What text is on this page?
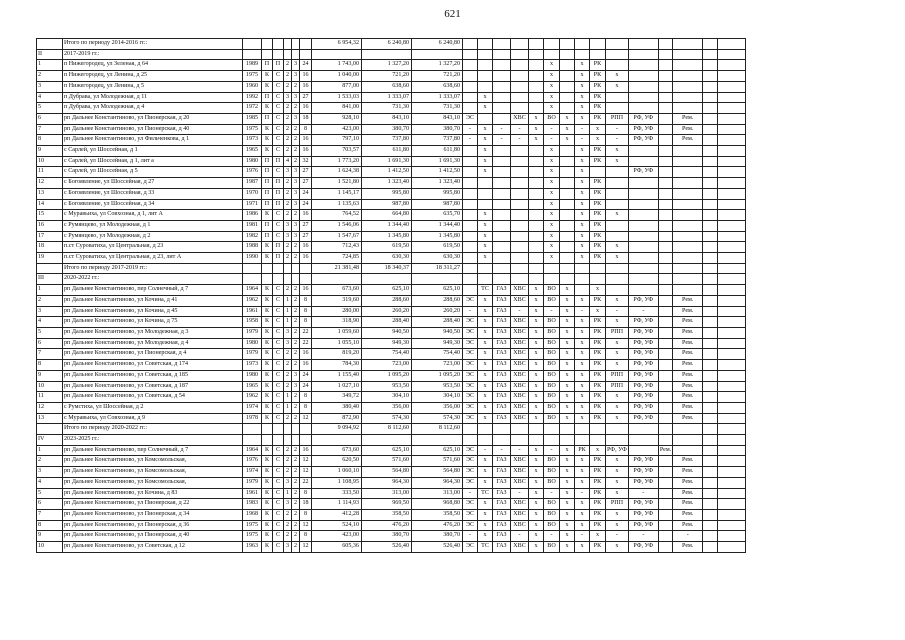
621
	Итого по периоду 2014-2016 гг.:							6 954,32	6 240,80	6 240,80															
II	2017-2019 гг.:																								
1	п Нижегородец, ул Зеленая, д 64	1989	П	П	2	3	24	1 743,00	1 327,20	1 327,20						х		х	РК						
2	п Нижегородец, ул Ленина, д 25	1975	К	С	2	3	16	1 040,00	721,20	721,20						х		х	РК	х					
3	п Нижегородец, ул Ленина, д 5	1960	К	С	2	2	16	877,00	638,60	638,60						х		х	РК	х					
4	п Дубрава, ул Молодежная, д 11	1992	П	С	3	3	27	1 533,03	1 333,07	1 333,07		х				х		х	РК						
5	п Дубрава, ул Молодежная, д 4	1972	К	С	2	2	16	841,00	731,30	731,30		х				х		х	РК						
6	рп Дальнее Константиново, ул Пионерская, д 20	1985	П	С	2	3	18	928,10	843,10	843,10	ЭС			ХВС	х	ВО	х	х	РК	РПП	РФ, УФ		Рем.		
7	рп Дальнее Константиново, ул Пионерская, д 40	1975	К	С	2	2	8	423,00	380,70	380,70	-	х	-	-	х	-	х	-	х	-	РФ, УФ		Рем.		
8	рп Дальнее Константиново, ул Фильченкова, д 1	1973	К	С	2	2	16	797,10	737,80	737,80	-	х	-	-	х	-	х	-	х	-	РФ, УФ		Рем.		
9	с Сарлей, ул Шоссейная, д 1	1965	К	С	2	2	16	703,57	611,80	611,80		х				х		х	РК	х					
10	с Сарлей, ул Шоссейная, д 1, лит а	1980	П	П	4	2	32	1 773,20	1 691,30	1 691,30		х				х		х	РК	х					
11	с Сарлей, ул Шоссейная, д 5	1976	П	С	3	3	27	1 624,38	1 412,50	1 412,50		х				х		х			РФ, УФ				
12	с Богоявление, ул Шоссейная, д 27	1987	П	П	2	3	27	1 521,80	1 323,40	1 323,40						х		х	РК						
13	с Богоявление, ул Шоссейная, д 33	1970	П	П	2	3	24	1 145,17	995,80	995,80						х		х	РК						
14	с Богоявление, ул Шоссейная, д 34	1971	П	П	2	3	24	1 135,63	987,80	987,80						х		х	РК						
15	с Муравьиха, ул Совхозная, д 1, лит А	1986	К	С	2	2	16	764,52	664,80	635,70		х				х		х	РК	х					
16	с Румянцево, ул Молодежная, д 1	1981	П	С	3	3	27	1 546,06	1 344,40	1 344,40		х				х		х	РК						
17	с Румянцево, ул Молодежная, д 2	1982	П	С	3	3	27	1 547,67	1 345,80	1 345,80		х				х		х	РК						
18	п.ст Суроватиха, ул Центральная, д 23	1988	К	П	2	2	16	712,43	619,50	619,50		х				х		х	РК	х					
19	п.ст Суроватиха, ул Центральная, д 23, лит А	1990	К	П	2	2	16	724,85	630,30	630,30		х				х		х	РК	х					
	Итого по периоду 2017-2019 гг.:							21 381,48	18 340,37	18 311,27															
III	2020-2022 гг.:																								
1	рп Дальнее Константиново, пер Солнечный, д 7	1964	К	С	2	2	16	673,60	625,10	625,10		ТС	ГАЗ	ХВС	х	ВО	х		х						
2	рп Дальнее Константиново, ул Кочина, д 41	1962	К	С	1	2	8	319,60	288,60	288,60	ЭС	х	ГАЗ	ХВС	х	ВО	х	х	РК	х	РФ, УФ		Рем.		
3	рп Дальнее Константиново, ул Кочина, д 45	1961	К	С	1	2	8	280,00	260,20	260,20	-	х	ГАЗ	-	х	-	х	-	х	-	-		Рем.		
4	рп Дальнее Константиново, ул Кочина, д 75	1958	К	С	1	2	8	318,90	288,40	288,40	ЭС	х	ГАЗ	ХВС	х	ВО	х	х	РК	х	РФ, УФ		Рем.		
5	рп Дальнее Константиново, ул Молодежная, д 3	1979	К	С	3	2	22	1 059,60	940,50	940,50	ЭС	х	ГАЗ	ХВС	х	ВО	х	х	РК	РПП	РФ, УФ		Рем.		
6	рп Дальнее Константиново, ул Молодежная, д 4	1980	К	С	3	2	22	1 055,10	949,30	949,30	ЭС	х	ГАЗ	ХВС	х	ВО	х	х	РК	х	РФ, УФ		Рем.		
7	рп Дальнее Константиново, ул Пионерская, д 4	1979	К	С	2	2	16	819,20	754,40	754,40	ЭС	х	ГАЗ	ХВС	х	ВО	х	х	РК	х	РФ, УФ		Рем.		
8	рп Дальнее Константиново, ул Советская, д 174	1973	К	С	2	2	16	784,30	723,00	723,00	ЭС	х	ГАЗ	ХВС	х	ВО	х	х	РК	х	РФ, УФ		Рем.		
9	рп Дальнее Константиново, ул Советская, д 185	1980	К	С	2	3	24	1 155,40	1 095,20	1 095,20	ЭС	х	ГАЗ	ХВС	х	ВО	х	х	РК	РПП	РФ, УФ		Рем.		
10	рп Дальнее Константиново, ул Советская, д 187	1965	К	С	2	3	24	1 027,10	953,50	953,50	ЭС	х	ГАЗ	ХВС	х	ВО	х	х	РК	РПП	РФ, УФ		Рем.		
11	рп Дальнее Константиново, ул Советская, д 54	1962	К	С	1	2	8	349,72	304,10	304,10	ЭС	х	ГАЗ	ХВС	х	ВО	х	х	РК	х	РФ, УФ		Рем.		
12	с Румстиха, ул Шоссейная, д 2	1974	К	С	1	2	8	380,40	356,00	356,00	ЭС	х	ГАЗ	ХВС	х	ВО	х	х	РК	х	РФ, УФ		Рем.		
13	с Муравьиха, ул Совхозная, д 9	1978	К	С	2	2	12	872,90	574,30	574,30	ЭС	х	ГАЗ	ХВС	х	ВО	х	х	РК	х	РФ, УФ		Рем.		
	Итого по периоду 2020-2022 гг.:							9 094,92	8 112,60	8 112,60															
IV	2023-2025 гг.:																								
1	рп Дальнее Константиново, пер Солнечный, д 7	1964	К	С	2	2	16	673,60	625,10	625,10	ЭС	-	-	-	х	-	х	РК	х	РФ, УФ		Рем.			
2	рп Дальнее Константиново, ул Комсомольская,	1976	К	С	2	2	12	620,50	571,60	571,60	ЭС	х	ГАЗ	ХВС	х	ВО	х	х	РК	х	РФ, УФ		Рем.		
3	рп Дальнее Константиново, ул Комсомольская,	1974	К	С	2	2	12	1 060,10	564,80	564,80	ЭС	х	ГАЗ	ХВС	х	ВО	х	х	РК	х	РФ, УФ		Рем.		
4	рп Дальнее Константиново, ул Комсомольская,	1979	К	С	3	2	22	1 108,95	964,30	964,30	ЭС	х	ГАЗ	ХВС	х	ВО	х	х	РК	х	РФ, УФ		Рем.		
5	рп Дальнее Константиново, ул Кочина, д 83	1961	К	С	1	2	8	333,50	313,00	313,00	-	ТС	ГАЗ	-	х	-	х	-	РК	х	-		Рем.		
6	рп Дальнее Константиново, ул Пионерская, д 22	1983	К	С	3	2	18	1 114,93	969,50	968,80	ЭС	х	ГАЗ	ХВС	х	ВО	х	х	РК	РПП	РФ, УФ		Рем.		
7	рп Дальнее Константиново, ул Пионерская, д 34	1968	К	С	2	2	8	412,28	358,50	358,50	ЭС	х	ГАЗ	ХВС	х	ВО	х	х	РК	х	РФ, УФ		Рем.		
8	рп Дальнее Константиново, ул Пионерская, д 36	1975	К	С	2	2	12	524,10	476,20	476,20	ЭС	х	ГАЗ	ХВС	х	ВО	х	х	РК	х	РФ, УФ		Рем.		
9	рп Дальнее Константиново, ул Пионерская, д 40	1975	К	С	2	2	8	423,00	380,70	380,70	-	х	ГАЗ	-	х	-	х	-	х	-	-		-		
10	рп Дальнее Константиново, ул Советская, д 12	1963	К	С	3	2	12	605,36	526,40	526,40	ЭС	ТС	ГАЗ	ХВС	х	ВО	х	х	РК	х	РФ, УФ		Рем.		
